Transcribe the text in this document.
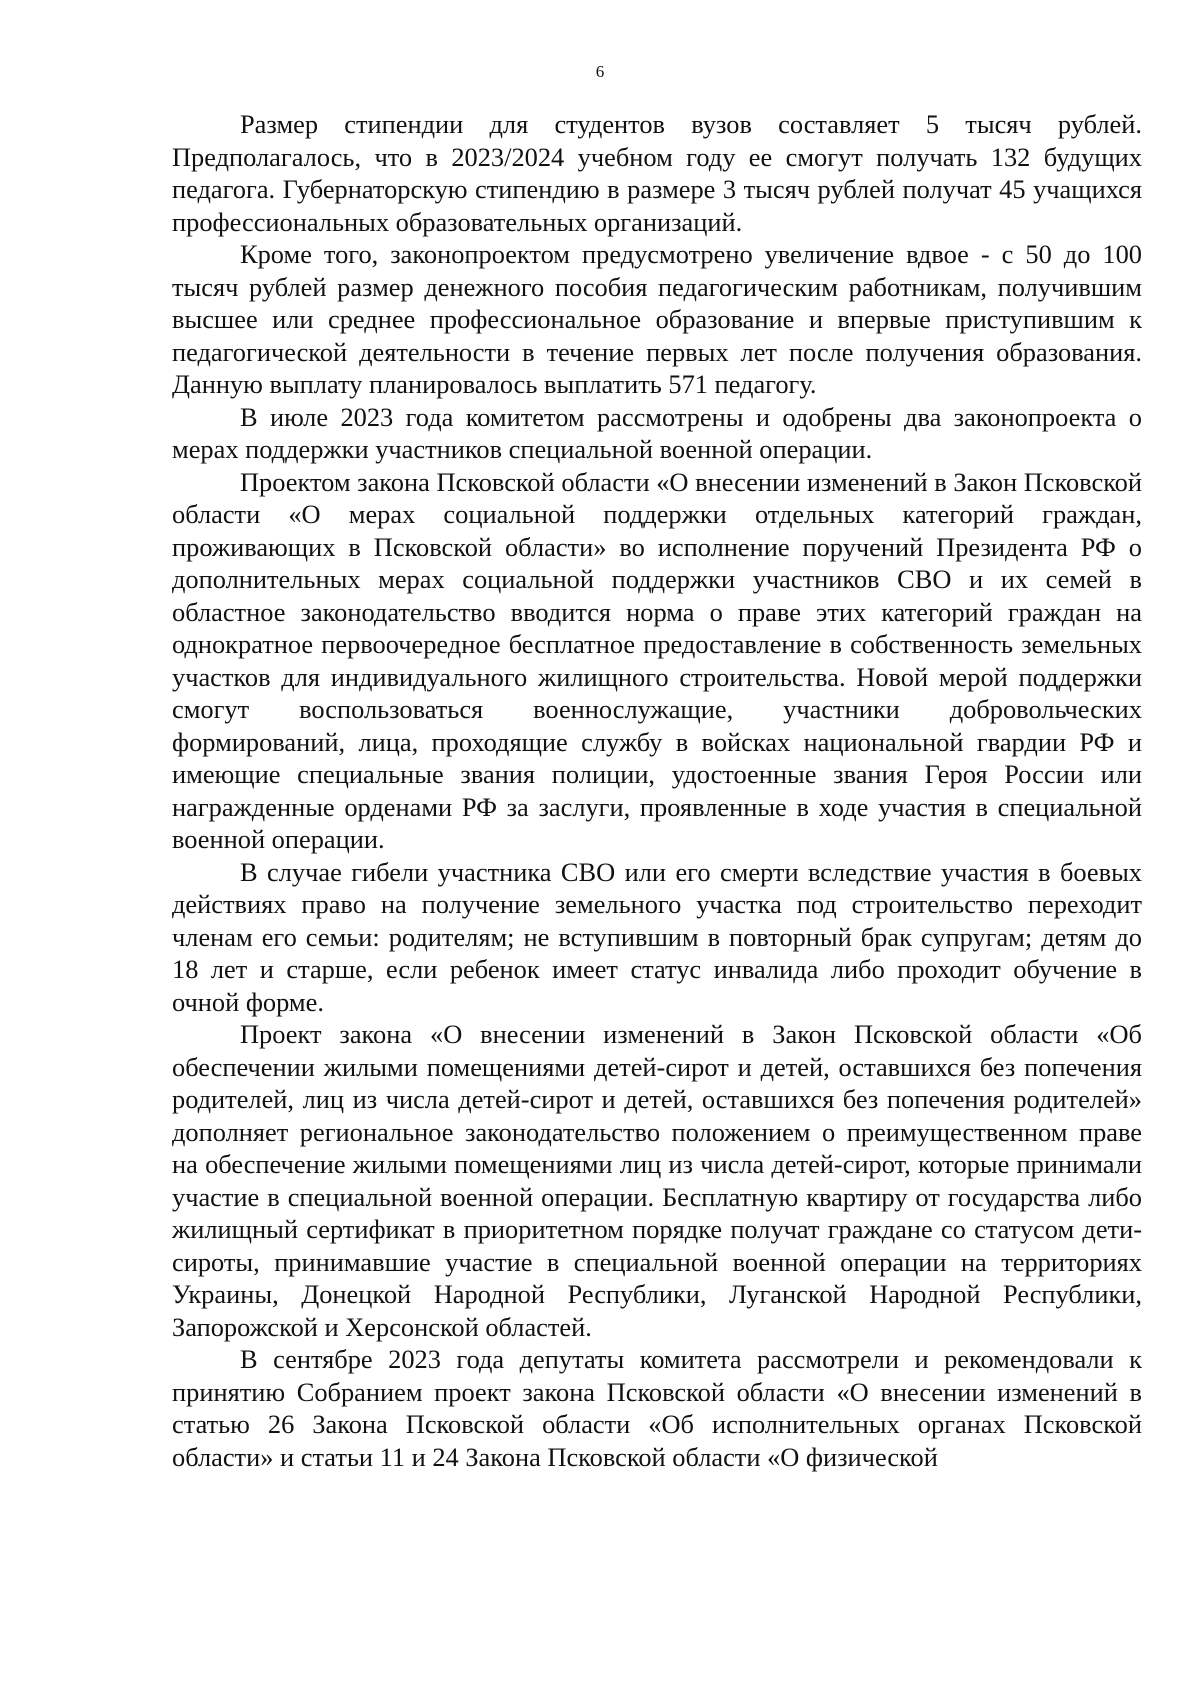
6

Размер стипендии для студентов вузов составляет 5 тысяч рублей. Предполагалось, что в 2023/2024 учебном году ее смогут получать 132 будущих педагога. Губернаторскую стипендию в размере 3 тысяч рублей получат 45 учащихся профессиональных образовательных организаций.

Кроме того, законопроектом предусмотрено увеличение вдвое - с 50 до 100 тысяч рублей размер денежного пособия педагогическим работникам, получившим высшее или среднее профессиональное образование и впервые приступившим к педагогической деятельности в течение первых лет после получения образования. Данную выплату планировалось выплатить 571 педагогу.

В июле 2023 года комитетом рассмотрены и одобрены два законопроекта о мерах поддержки участников специальной военной операции.

Проектом закона Псковской области «О внесении изменений в Закон Псковской области «О мерах социальной поддержки отдельных категорий граждан, проживающих в Псковской области» во исполнение поручений Президента РФ о дополнительных мерах социальной поддержки участников СВО и их семей в областное законодательство вводится норма о праве этих категорий граждан на однократное первоочередное бесплатное предоставление в собственность земельных участков для индивидуального жилищного строительства. Новой мерой поддержки смогут воспользоваться военнослужащие, участники добровольческих формирований, лица, проходящие службу в войсках национальной гвардии РФ и имеющие специальные звания полиции, удостоенные звания Героя России или награжденные орденами РФ за заслуги, проявленные в ходе участия в специальной военной операции.

В случае гибели участника СВО или его смерти вследствие участия в боевых действиях право на получение земельного участка под строительство переходит членам его семьи: родителям; не вступившим в повторный брак супругам; детям до 18 лет и старше, если ребенок имеет статус инвалида либо проходит обучение в очной форме.

Проект закона «О внесении изменений в Закон Псковской области «Об обеспечении жилыми помещениями детей-сирот и детей, оставшихся без попечения родителей, лиц из числа детей-сирот и детей, оставшихся без попечения родителей» дополняет региональное законодательство положением о преимущественном праве на обеспечение жилыми помещениями лиц из числа детей-сирот, которые принимали участие в специальной военной операции. Бесплатную квартиру от государства либо жилищный сертификат в приоритетном порядке получат граждане со статусом дети-сироты, принимавшие участие в специальной военной операции на территориях Украины, Донецкой Народной Республики, Луганской Народной Республики, Запорожской и Херсонской областей.

В сентябре 2023 года депутаты комитета рассмотрели и рекомендовали к принятию Собранием проект закона Псковской области «О внесении изменений в статью 26 Закона Псковской области «Об исполнительных органах Псковской области» и статьи 11 и 24 Закона Псковской области «О физической
